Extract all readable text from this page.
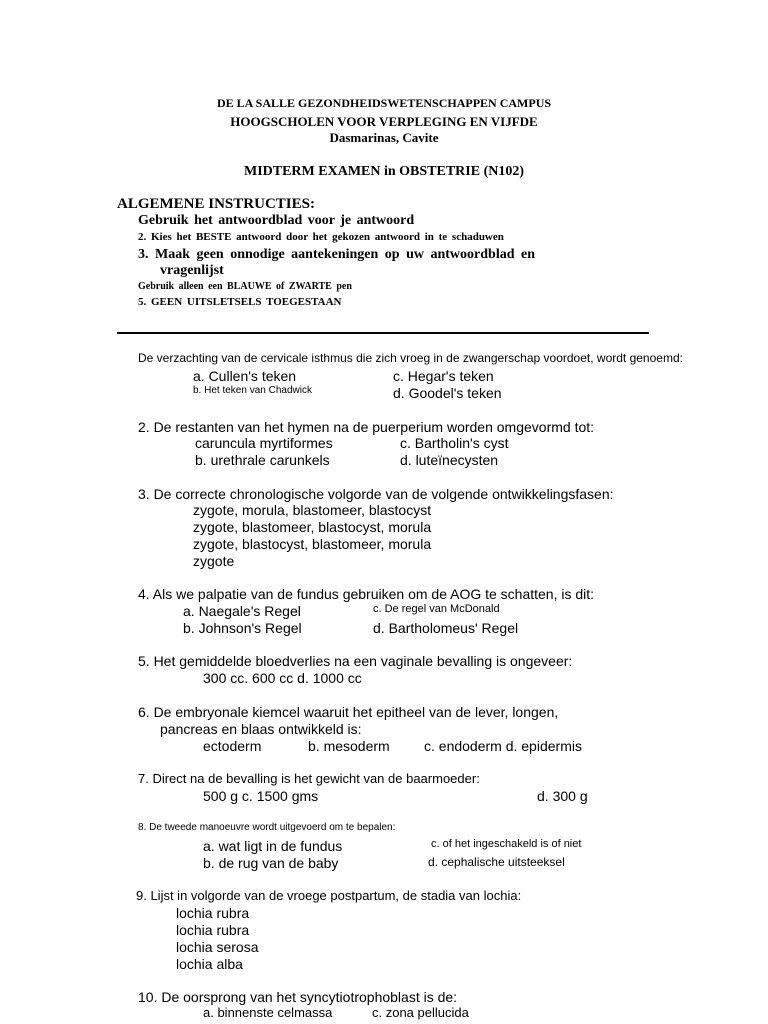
DE LA SALLE GEZONDHEIDSWETENSCHAPPEN CAMPUS
HOOGSCHOLEN VOOR VERPLEGING EN VIJFDE
Dasmarinas, Cavite
MIDTERM EXAMEN in OBSTETRIE (N102)
ALGEMENE INSTRUCTIES:
Gebruik het antwoordblad voor je antwoord
2. Kies het BESTE antwoord door het gekozen antwoord in te schaduwen
3. Maak geen onnodige aantekeningen op uw antwoordblad en
vragenlijst
Gebruik alleen een BLAUWE of ZWARTE pen
5. GEEN UITSLETSELS TOEGESTAAN
De verzachting van de cervicale isthmus die zich vroeg in de zwangerschap voordoet, wordt genoemd:
a. Cullen's teken
b. Het teken van Chadwick
c. Hegar's teken
d. Goodel's teken
2. De restanten van het hymen na de puerperium worden omgevormd tot:
caruncula myrtiformes
b. urethrale carunkels
c. Bartholin's cyst
d. luteïnecysten
3. De correcte chronologische volgorde van de volgende ontwikkelingsfasen:
zygote, morula, blastomeer, blastocyst
zygote, blastomeer, blastocyst, morula
zygote, blastocyst, blastomeer, morula
zygote
4. Als we palpatie van de fundus gebruiken om de AOG te schatten, is dit:
a. Naegale's Regel
b. Johnson's Regel
c. De regel van McDonald
d. Bartholomeus' Regel
5. Het gemiddelde bloedverlies na een vaginale bevalling is ongeveer:
300 cc. 600 cc d. 1000 cc
6. De embryonale kiemcel waaruit het epitheel van de lever, longen,
pancreas en blaas ontwikkeld is:
ectoderm	b. mesoderm c. endoderm d. epidermis
7. Direct na de bevalling is het gewicht van de baarmoeder:
500 g c. 1500 gms	d. 300 g
8. De tweede manoeuvre wordt uitgevoerd om te bepalen:
a. wat ligt in de fundus
b. de rug van de baby
c. of het ingeschakeld is of niet
d. cephalische uitsteeksel
9. Lijst in volgorde van de vroege postpartum, de stadia van lochia:
lochia rubra
lochia rubra
lochia serosa
lochia alba
10. De oorsprong van het syncytiotrophoblast is de:
a. binnenste celmassa	c. zona pellucida
